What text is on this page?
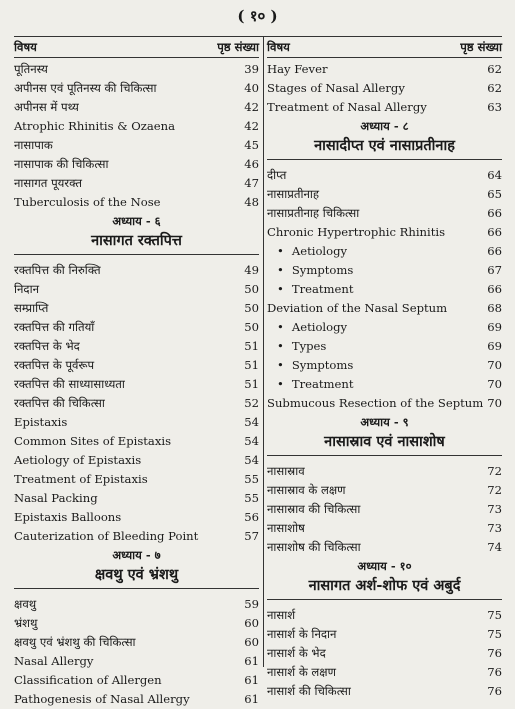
( १० )
विषय	पृष्ठ संख्या
पूतिनस्य	39
अपीनस एवं पूतिनस्य की चिकित्सा	40
अपीनस में पथ्य	42
Atrophic Rhinitis & Ozaena	42
नासापाक	45
नासापाक की चिकित्सा	46
नासागत पूयरक्त	47
Tuberculosis of the Nose	48
अध्याय - ६
नासागत रक्तपित्त
रक्तपित्त की निरुक्ति	49
निदान	50
सम्प्राप्ति	50
रक्तपित्त की गतियाँ	50
रक्तपित्त के भेद	51
रक्तपित्त के पूर्वरूप	51
रक्तपित्त की साध्यासाध्यता	51
रक्तपित्त की चिकित्सा	52
Epistaxis	54
Common Sites of Epistaxis	54
Aetiology of Epistaxis	54
Treatment of Epistaxis	55
Nasal Packing	55
Epistaxis Balloons	56
Cauterization of Bleeding Point	57
अध्याय - ७
क्षवथु एवं भ्रंशथु
क्षवथु	59
भ्रंशथु	60
क्षवथु एवं भ्रंशथु की चिकित्सा	60
Nasal Allergy	61
Classification of Allergen	61
Pathogenesis of Nasal Allergy	61
विषय	पृष्ठ संख्या
Hay Fever	62
Stages of Nasal Allergy	62
Treatment of Nasal Allergy	63
अध्याय - ८
नासादीप्त एवं नासाप्रतीनाह
दीप्त	64
नासाप्रतीनाह	65
नासाप्रतीनाह चिकित्सा	66
Chronic Hypertrophic Rhinitis	66
• Aetiology	66
• Symptoms	67
• Treatment	66
Deviation of the Nasal Septum	68
• Aetiology	69
• Types	69
• Symptoms	70
• Treatment	70
Submucous Resection of the Septum 70
अध्याय - ९
नासास्राव एवं नासाशोष
नासास्राव	72
नासास्राव के लक्षण	72
नासास्राव की चिकित्सा	73
नासाशोष	73
नासाशोष की चिकित्सा	74
अध्याय - १०
नासागत अर्श-शोफ एवं अबुर्द
नासार्श	75
नासार्श के निदान	75
नासार्श के भेद	76
नासार्श के लक्षण	76
नासार्श की चिकित्सा	76
